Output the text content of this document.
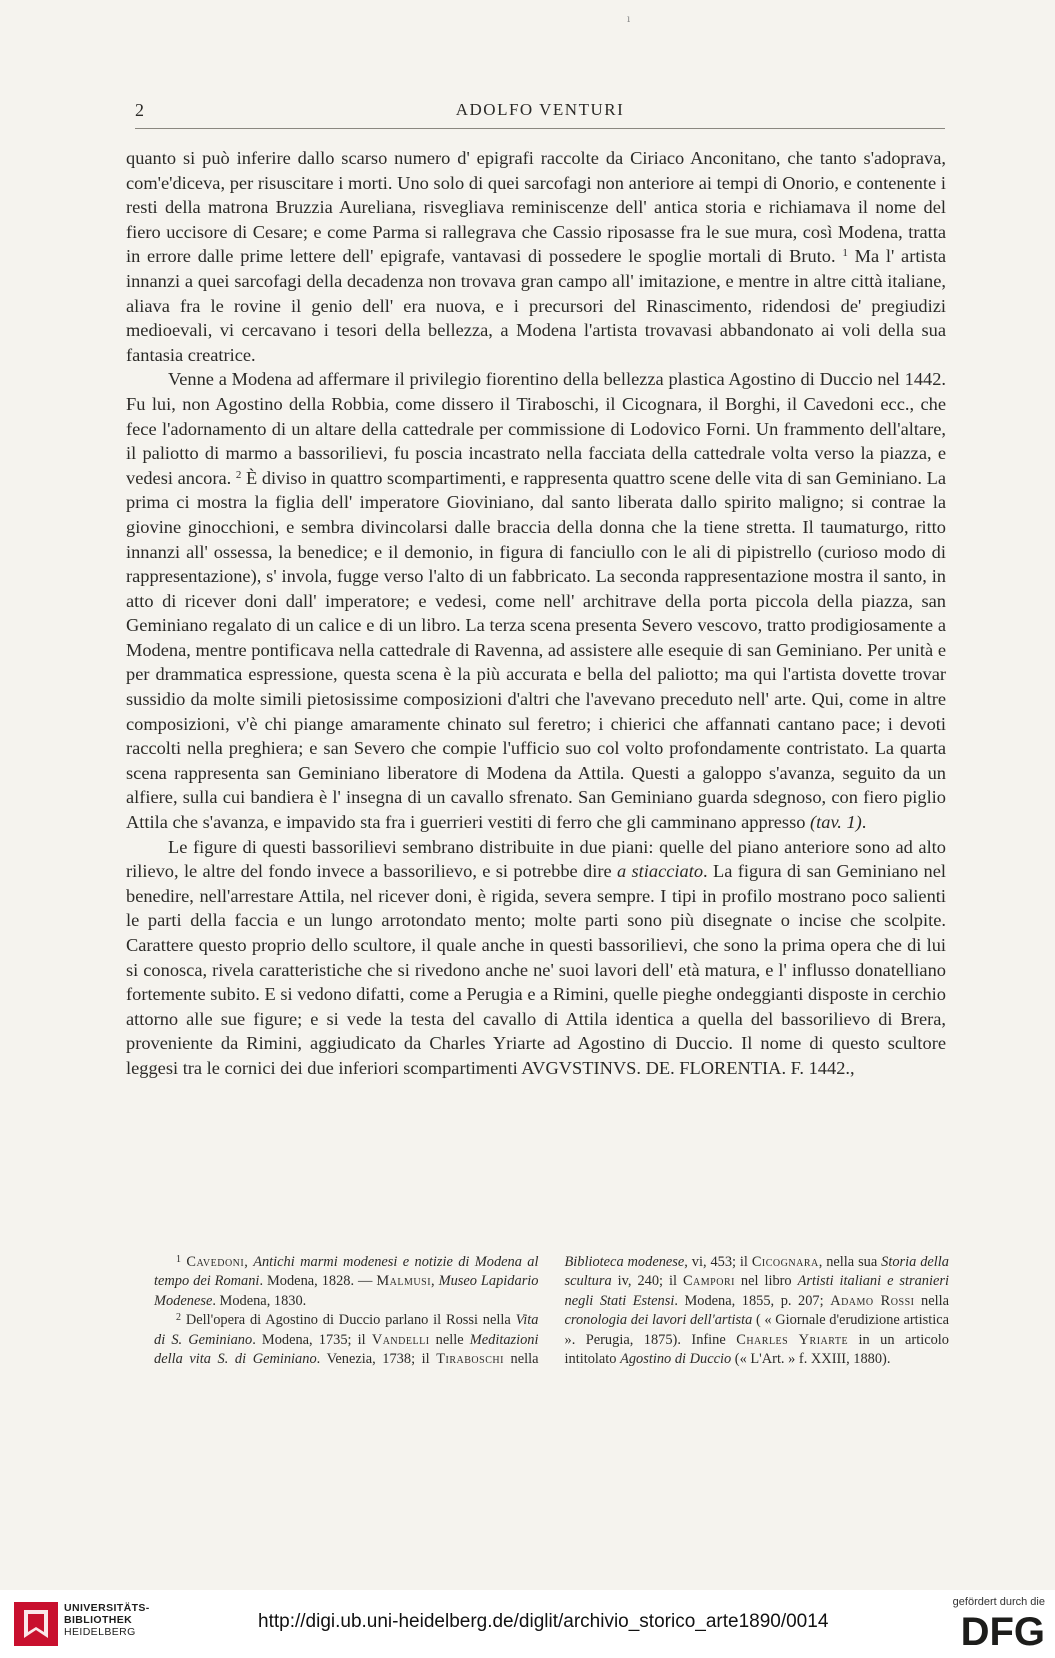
ı
2	ADOLFO VENTURI

quanto si può inferire dallo scarso numero d' epigrafi raccolte da Ciriaco Anconitano, che tanto s'adoprava, com'e'diceva, per risuscitare i morti. Uno solo di quei sarcofagi non anteriore ai tempi di Onorio, e contenente i resti della matrona Bruzzia Aureliana, risvegliava reminiscenze dell' antica storia e richiamava il nome del fiero uccisore di Cesare; e come Parma si rallegrava che Cassio riposasse fra le sue mura, così Modena, tratta in errore dalle prime lettere dell' epigrafe, vantavasi di possedere le spoglie mortali di Bruto. $^1$ Ma l' artista innanzi a quei sarcofagi della decadenza non trovava gran campo all' imitazione, e mentre in altre città italiane, aliava fra le rovine il genio dell' era nuova, e i precursori del Rinascimento, ridendosi de' pregiudizi medioevali, vi cercavano i tesori della bellezza, a Modena l'artista trovavasi abbandonato ai voli della sua fantasia creatrice.

Venne a Modena ad affermare il privilegio fiorentino della bellezza plastica Agostino di Duccio nel 1442. Fu lui, non Agostino della Robbia, come dissero il Tiraboschi, il Cicognara, il Borghi, il Cavedoni ecc., che fece l'adornamento di un altare della cattedrale per commissione di Lodovico Forni. Un frammento dell'altare, il paliotto di marmo a bassorilievi, fu poscia incastrato nella facciata della cattedrale volta verso la piazza, e vedesi ancora. $^2$ È diviso in quattro scompartimenti, e rappresenta quattro scene delle vita di san Geminiano. La prima ci mostra la figlia dell' imperatore Gioviniano, dal santo liberata dallo spirito maligno; si contrae la giovine ginocchioni, e sembra divincolarsi dalle braccia della donna che la tiene stretta. Il taumaturgo, ritto innanzi all' ossessa, la benedice; e il demonio, in figura di fanciullo con le ali di pipistrello (curioso modo di rappresentazione), s' invola, fugge verso l'alto di un fabbricato. La seconda rappresentazione mostra il santo, in atto di ricever doni dall' imperatore; e vedesi, come nell' architrave della porta piccola della piazza, san Geminiano regalato di un calice e di un libro. La terza scena presenta Severo vescovo, tratto prodigiosamente a Modena, mentre pontificava nella cattedrale di Ravenna, ad assistere alle esequie di san Geminiano. Per unità e per drammatica espressione, questa scena è la più accurata e bella del paliotto; ma qui l'artista dovette trovar sussidio da molte simili pietosissime composizioni d'altri che l'avevano preceduto nell' arte. Qui, come in altre composizioni, v'è chi piange amaramente chinato sul feretro; i chierici che affannati cantano pace; i devoti raccolti nella preghiera; e san Severo che compie l'ufficio suo col volto profondamente contristato. La quarta scena rappresenta san Geminiano liberatore di Modena da Attila. Questi a galoppo s'avanza, seguito da un alfiere, sulla cui bandiera è l' insegna di un cavallo sfrenato. San Geminiano guarda sdegnoso, con fiero piglio Attila che s'avanza, e impavido sta fra i guerrieri vestiti di ferro che gli camminano appresso (tav. 1).

Le figure di questi bassorilievi sembrano distribuite in due piani: quelle del piano anteriore sono ad alto rilievo, le altre del fondo invece a bassorilievo, e si potrebbe dire a stiacciato. La figura di san Geminiano nel benedire, nell'arrestare Attila, nel ricever doni, è rigida, severa sempre. I tipi in profilo mostrano poco salienti le parti della faccia e un lungo arrotondato mento; molte parti sono più disegnate o incise che scolpite. Carattere questo proprio dello scultore, il quale anche in questi bassorilievi, che sono la prima opera che di lui si conosca, rivela caratteristiche che si rivedono anche ne' suoi lavori dell' età matura, e l' influsso donatelliano fortemente subito. E si vedono difatti, come a Perugia e a Rimini, quelle pieghe ondeggianti disposte in cerchio attorno alle sue figure; e si vede la testa del cavallo di Attila identica a quella del bassorilievo di Brera, proveniente da Rimini, aggiudicato da Charles Yriarte ad Agostino di Duccio. Il nome di questo scultore leggesi tra le cornici dei due inferiori scompartimenti AVGVSTINVS. DE. FLORENTIA. F. 1442.,

$^1$ Cavedoni, Antichi marmi modenesi e notizie di Modena al tempo dei Romani. Modena, 1828. — Malmusi, Museo Lapidario Modenese. Modena, 1830.

$^2$ Dell'opera di Agostino di Duccio parlano il Rossi nella Vita di S. Geminiano. Modena, 1735; il Vandelli nelle Meditazioni della vita S. di Geminiano. Venezia, 1738; il Tiraboschi nella Biblioteca modenese, vi, 453; il Cicognara, nella sua Storia della scultura iv, 240; il Campori nel libro Artisti italiani e stranieri negli Stati Estensi. Modena, 1855, p. 207; Adamo Rossi nella cronologia dei lavori dell'artista ( « Giornale d'erudizione artistica ». Perugia, 1875). Infine Charles Yriarte in un articolo intitolato Agostino di Duccio (« L'Art. » f. XXIII, 1880).

UNIVERSITÄTS-
BIBLIOTHEK
HEIDELBERG	http://digi.ub.uni-heidelberg.de/diglit/archivio_storico_arte1890/0014
gefördert durch die
DFG
